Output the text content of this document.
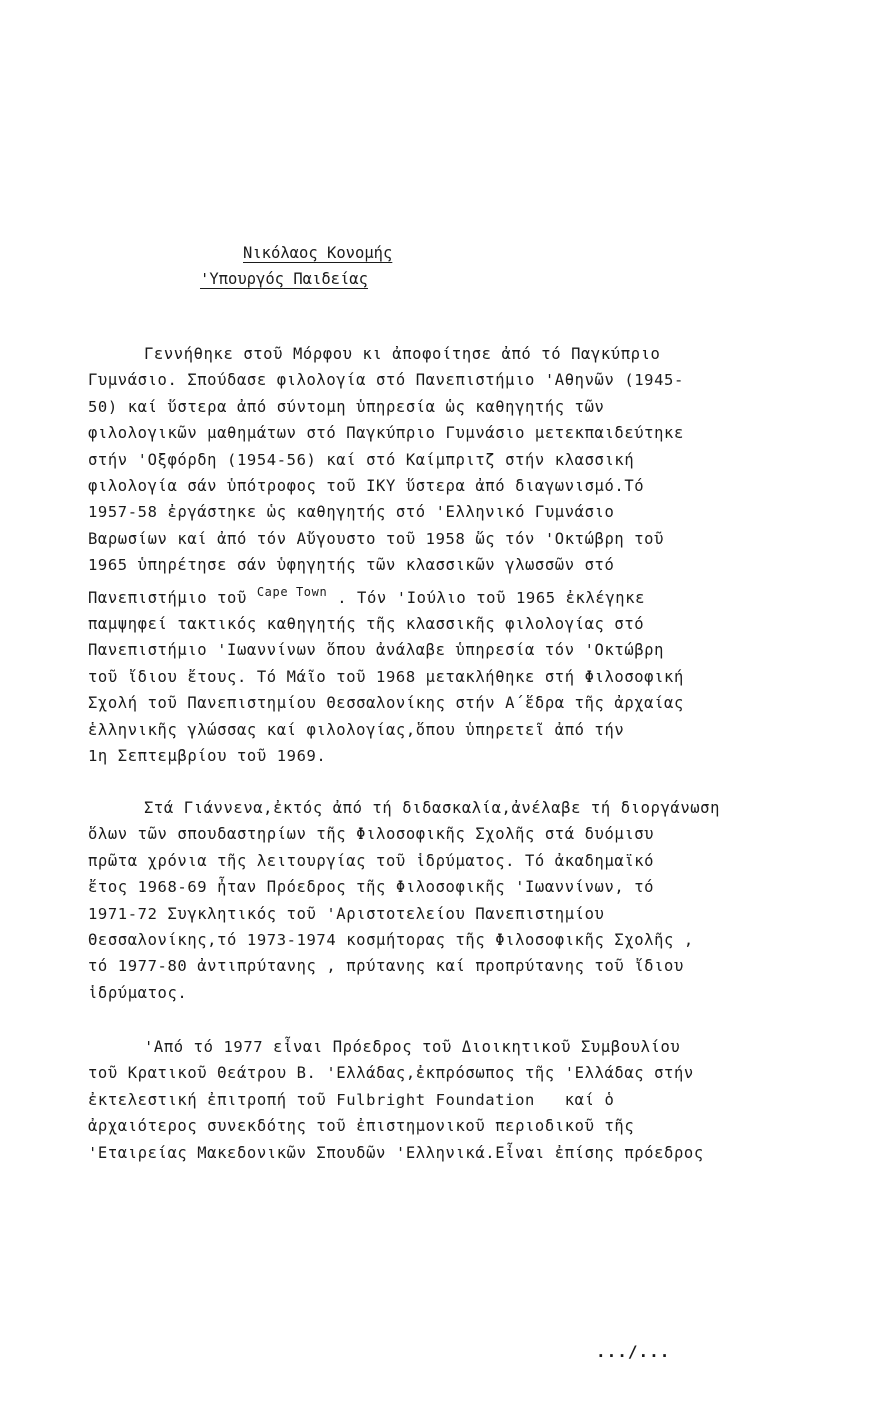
Νικόλαος Κονομής
'Υπουργός Παιδείας
Γεννήθηκε στοῦ Μόρφου κι ἀποφοίτησε ἀπό τό Παγκύπριο
Γυμνάσιο. Σπούδασε φιλολογία στό Πανεπιστήμιο 'Αθηνῶν (1945-
50) καί ὕστερα ἀπό σύντομη ὑπηρεσία ὡς καθηγητής τῶν
φιλολογικῶν μαθημάτων στό Παγκύπριο Γυμνάσιο μετεκπαιδεύτηκε
στήν 'Οξφόρδη (1954-56) καί στό Καίμπριτζ στήν κλασσική
φιλολογία σάν ὑπότροφος τοῦ ΙΚΥ ὕστερα ἀπό διαγωνισμό.Τό
1957-58 ἐργάστηκε ὡς καθηγητής στό 'Ελληνικό Γυμνάσιο
Βαρωσίων καί ἀπό τόν Αὔγουστο τοῦ 1958 ὥς τόν 'Οκτώβρη τοῦ
1965 ὑπηρέτησε σάν ὑφηγητής τῶν κλασσικῶν γλωσσῶν στό
Πανεπιστήμιο τοῦ $^{Cape Town}$ . Τόν 'Ιούλιο τοῦ 1965 ἐκλέγηκε
παμψηφεί τακτικός καθηγητής τῆς κλασσικῆς φιλολογίας στό
Πανεπιστήμιο 'Ιωαννίνων ὅπου ἀνάλαβε ὑπηρεσία τόν 'Οκτώβρη
τοῦ ἴδιου ἔτους. Τό Μάῖο τοῦ 1968 μετακλήθηκε στή Φιλοσοφική
Σχολή τοῦ Πανεπιστημίου Θεσσαλονίκης στήν Α΄ἕδρα τῆς ἀρχαίας
ἑλληνικῆς γλώσσας καί φιλολογίας,ὅπου ὑπηρετεῖ ἀπό τήν
1η Σεπτεμβρίου τοῦ 1969.
Στά Γιάννενα,ἐκτός ἀπό τή διδασκαλία,ἀνέλαβε τή διοργάνωση
ὅλων τῶν σπουδαστηρίων τῆς Φιλοσοφικῆς Σχολῆς στά δυόμισυ
πρῶτα χρόνια τῆς λειτουργίας τοῦ ἱδρύματος. Τό ἀκαδημαϊκό
ἔτος 1968-69 ἦταν Πρόεδρος τῆς Φιλοσοφικῆς 'Ιωαννίνων, τό
1971-72 Συγκλητικός τοῦ 'Αριστοτελείου Πανεπιστημίου
Θεσσαλονίκης,τό 1973-1974 κοσμήτορας τῆς Φιλοσοφικῆς Σχολῆς ,
τό 1977-80 ἀντιπρύτανης , πρύτανης καί προπρύτανης τοῦ ἴδιου
ἱδρύματος.
'Από τό 1977 εἶναι Πρόεδρος τοῦ Διοικητικοῦ Συμβουλίου
τοῦ Κρατικοῦ Θεάτρου Β. 'Ελλάδας,ἐκπρόσωπος τῆς 'Ελλάδας στήν
ἐκτελεστική ἐπιτροπή τοῦ Fulbright Foundation   καί ὁ
ἀρχαιότερος συνεκδότης τοῦ ἐπιστημονικοῦ περιοδικοῦ τῆς
'Εταιρείας Μακεδονικῶν Σπουδῶν 'Ελληνικά.Εἶναι ἐπίσης πρόεδρος
.../...
